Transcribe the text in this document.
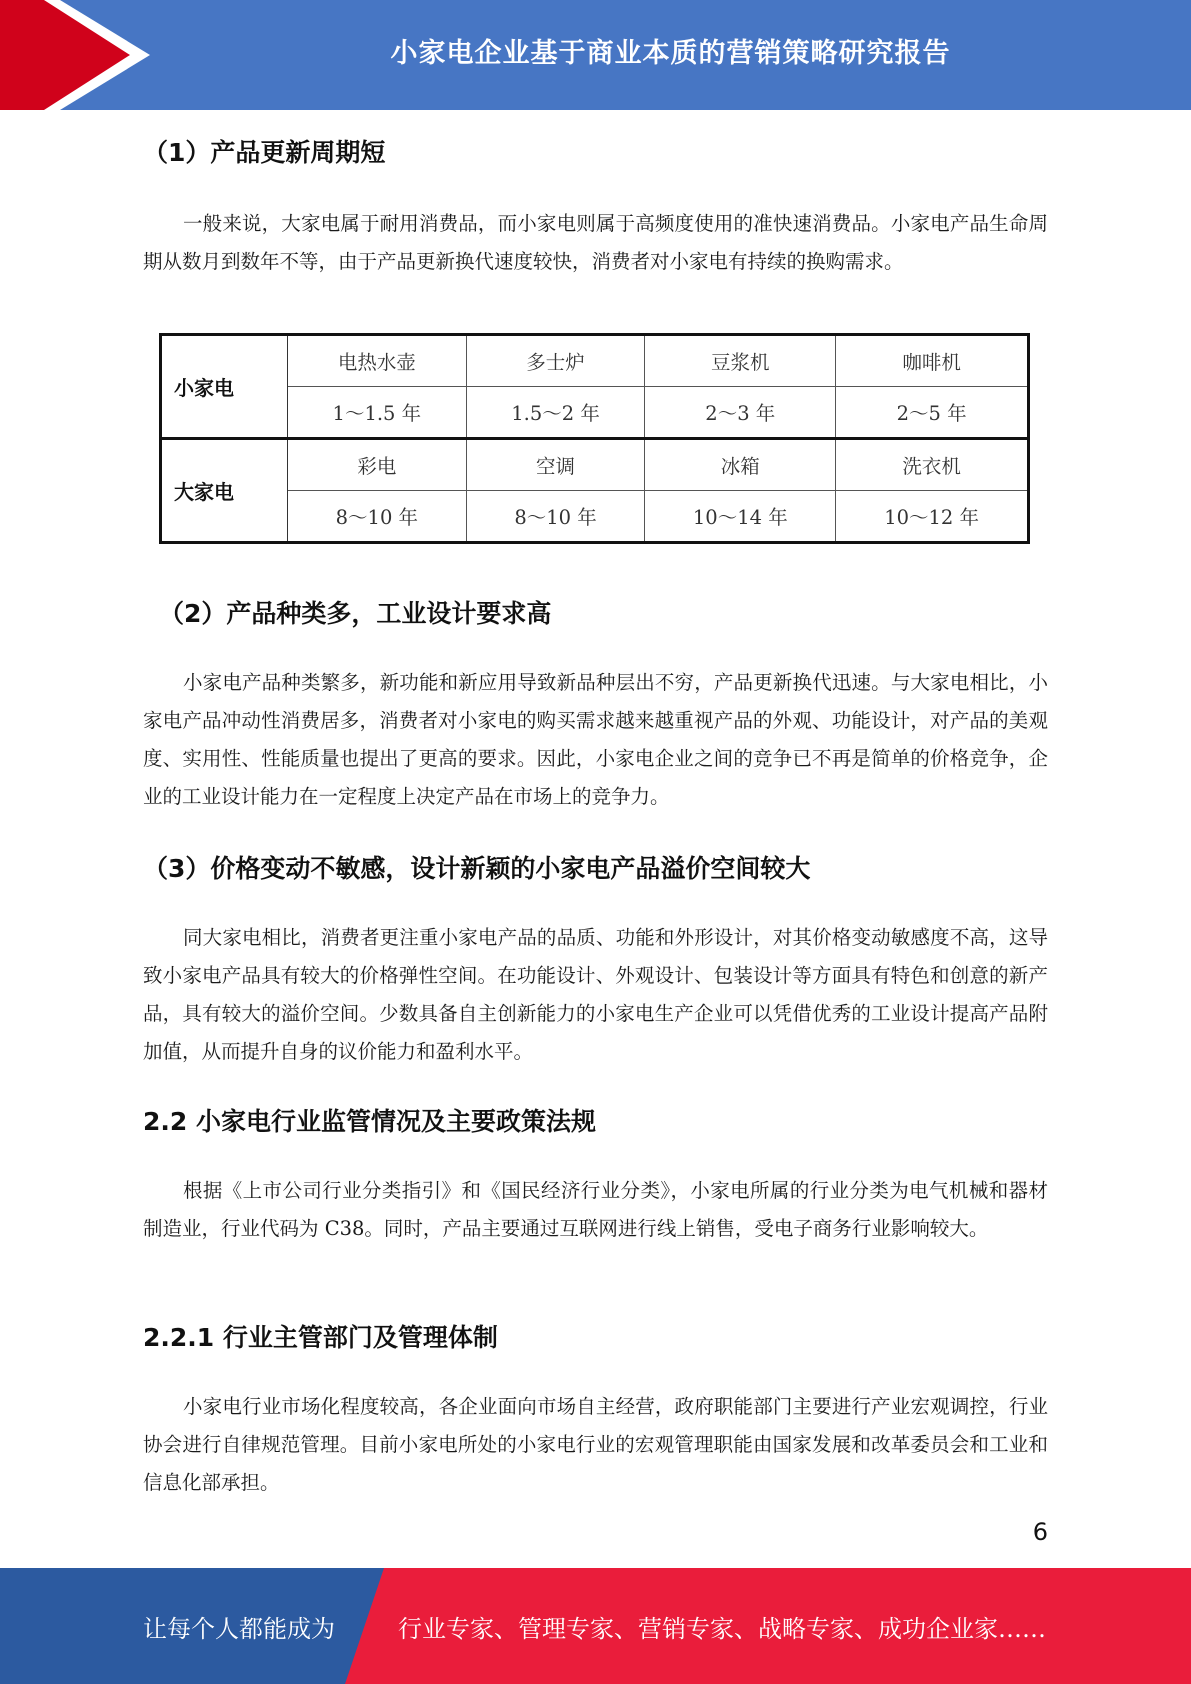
小家电企业基于商业本质的营销策略研究报告
（1）产品更新周期短
一般来说，大家电属于耐用消费品，而小家电则属于高频度使用的准快速消费品。小家电产品生命周期从数月到数年不等，由于产品更新换代速度较快，消费者对小家电有持续的换购需求。
小家电	电热水壶	多士炉	豆浆机	咖啡机
	1～1.5 年	1.5～2 年	2～3 年	2～5 年
大家电	彩电	空调	冰箱	洗衣机
	8～10 年	8～10 年	10～14 年	10～12 年
（2）产品种类多，工业设计要求高
小家电产品种类繁多，新功能和新应用导致新品种层出不穷，产品更新换代迅速。与大家电相比，小家电产品冲动性消费居多，消费者对小家电的购买需求越来越重视产品的外观、功能设计，对产品的美观度、实用性、性能质量也提出了更高的要求。因此，小家电企业之间的竞争已不再是简单的价格竞争，企业的工业设计能力在一定程度上决定产品在市场上的竞争力。
（3）价格变动不敏感，设计新颖的小家电产品溢价空间较大
同大家电相比，消费者更注重小家电产品的品质、功能和外形设计，对其价格变动敏感度不高，这导致小家电产品具有较大的价格弹性空间。在功能设计、外观设计、包装设计等方面具有特色和创意的新产品，具有较大的溢价空间。少数具备自主创新能力的小家电生产企业可以凭借优秀的工业设计提高产品附加值，从而提升自身的议价能力和盈利水平。
2.2 小家电行业监管情况及主要政策法规
根据《上市公司行业分类指引》和《国民经济行业分类》，小家电所属的行业分类为电气机械和器材制造业，行业代码为 C38。同时，产品主要通过互联网进行线上销售，受电子商务行业影响较大。
2.2.1 行业主管部门及管理体制
小家电行业市场化程度较高，各企业面向市场自主经营，政府职能部门主要进行产业宏观调控，行业协会进行自律规范管理。目前小家电所处的小家电行业的宏观管理职能由国家发展和改革委员会和工业和信息化部承担。
6
让每个人都能成为	行业专家、管理专家、营销专家、战略专家、成功企业家……
